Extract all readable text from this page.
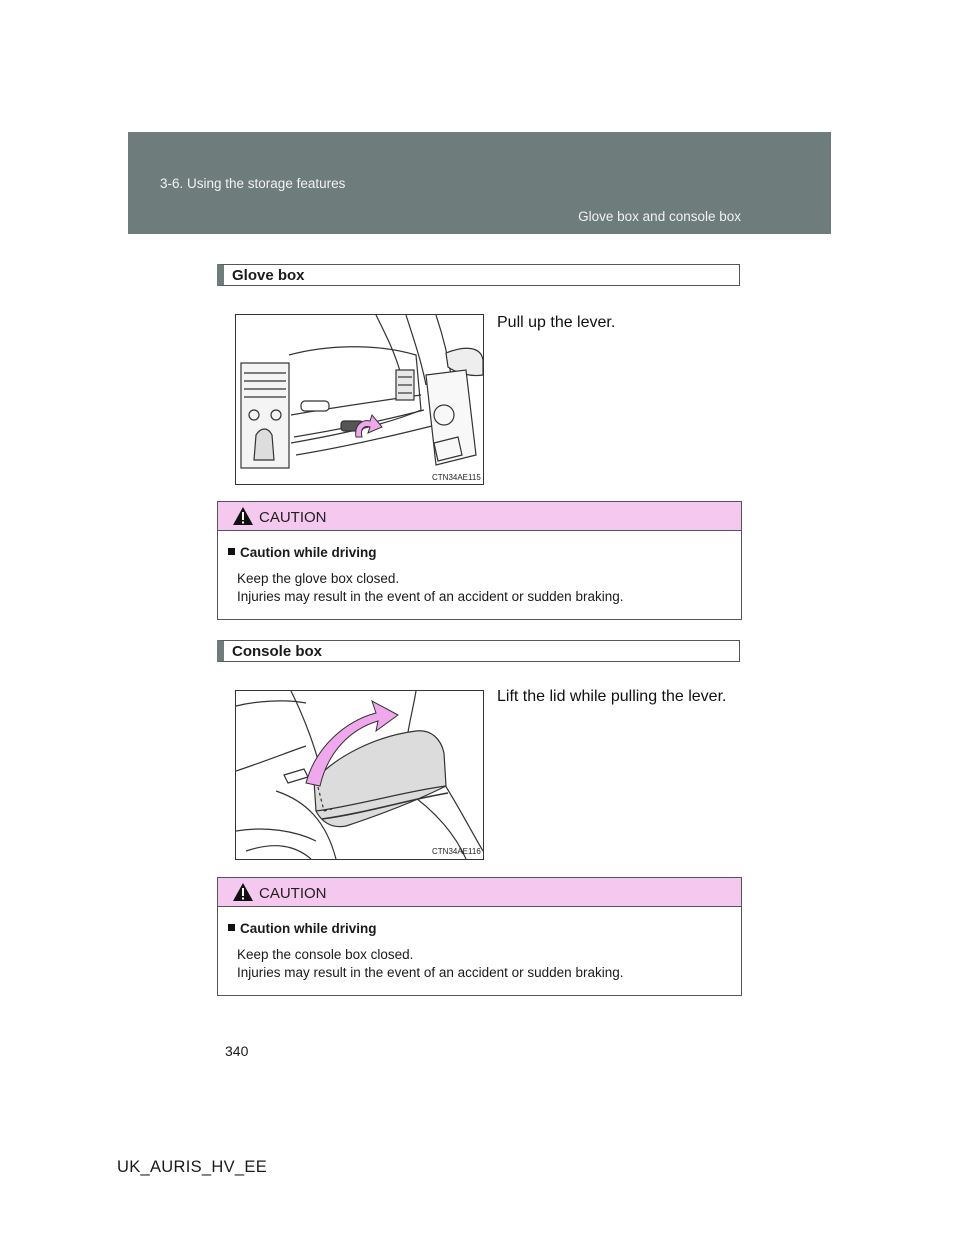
3-6. Using the storage features
Glove box and console box
Glove box
Pull up the lever.
CTN34AE115
CAUTION
Caution while driving
Keep the glove box closed.
Injuries may result in the event of an accident or sudden braking.
Console box
Lift the lid while pulling the lever.
CTN34AE116
CAUTION
Caution while driving
Keep the console box closed.
Injuries may result in the event of an accident or sudden braking.
340
UK_AURIS_HV_EE
